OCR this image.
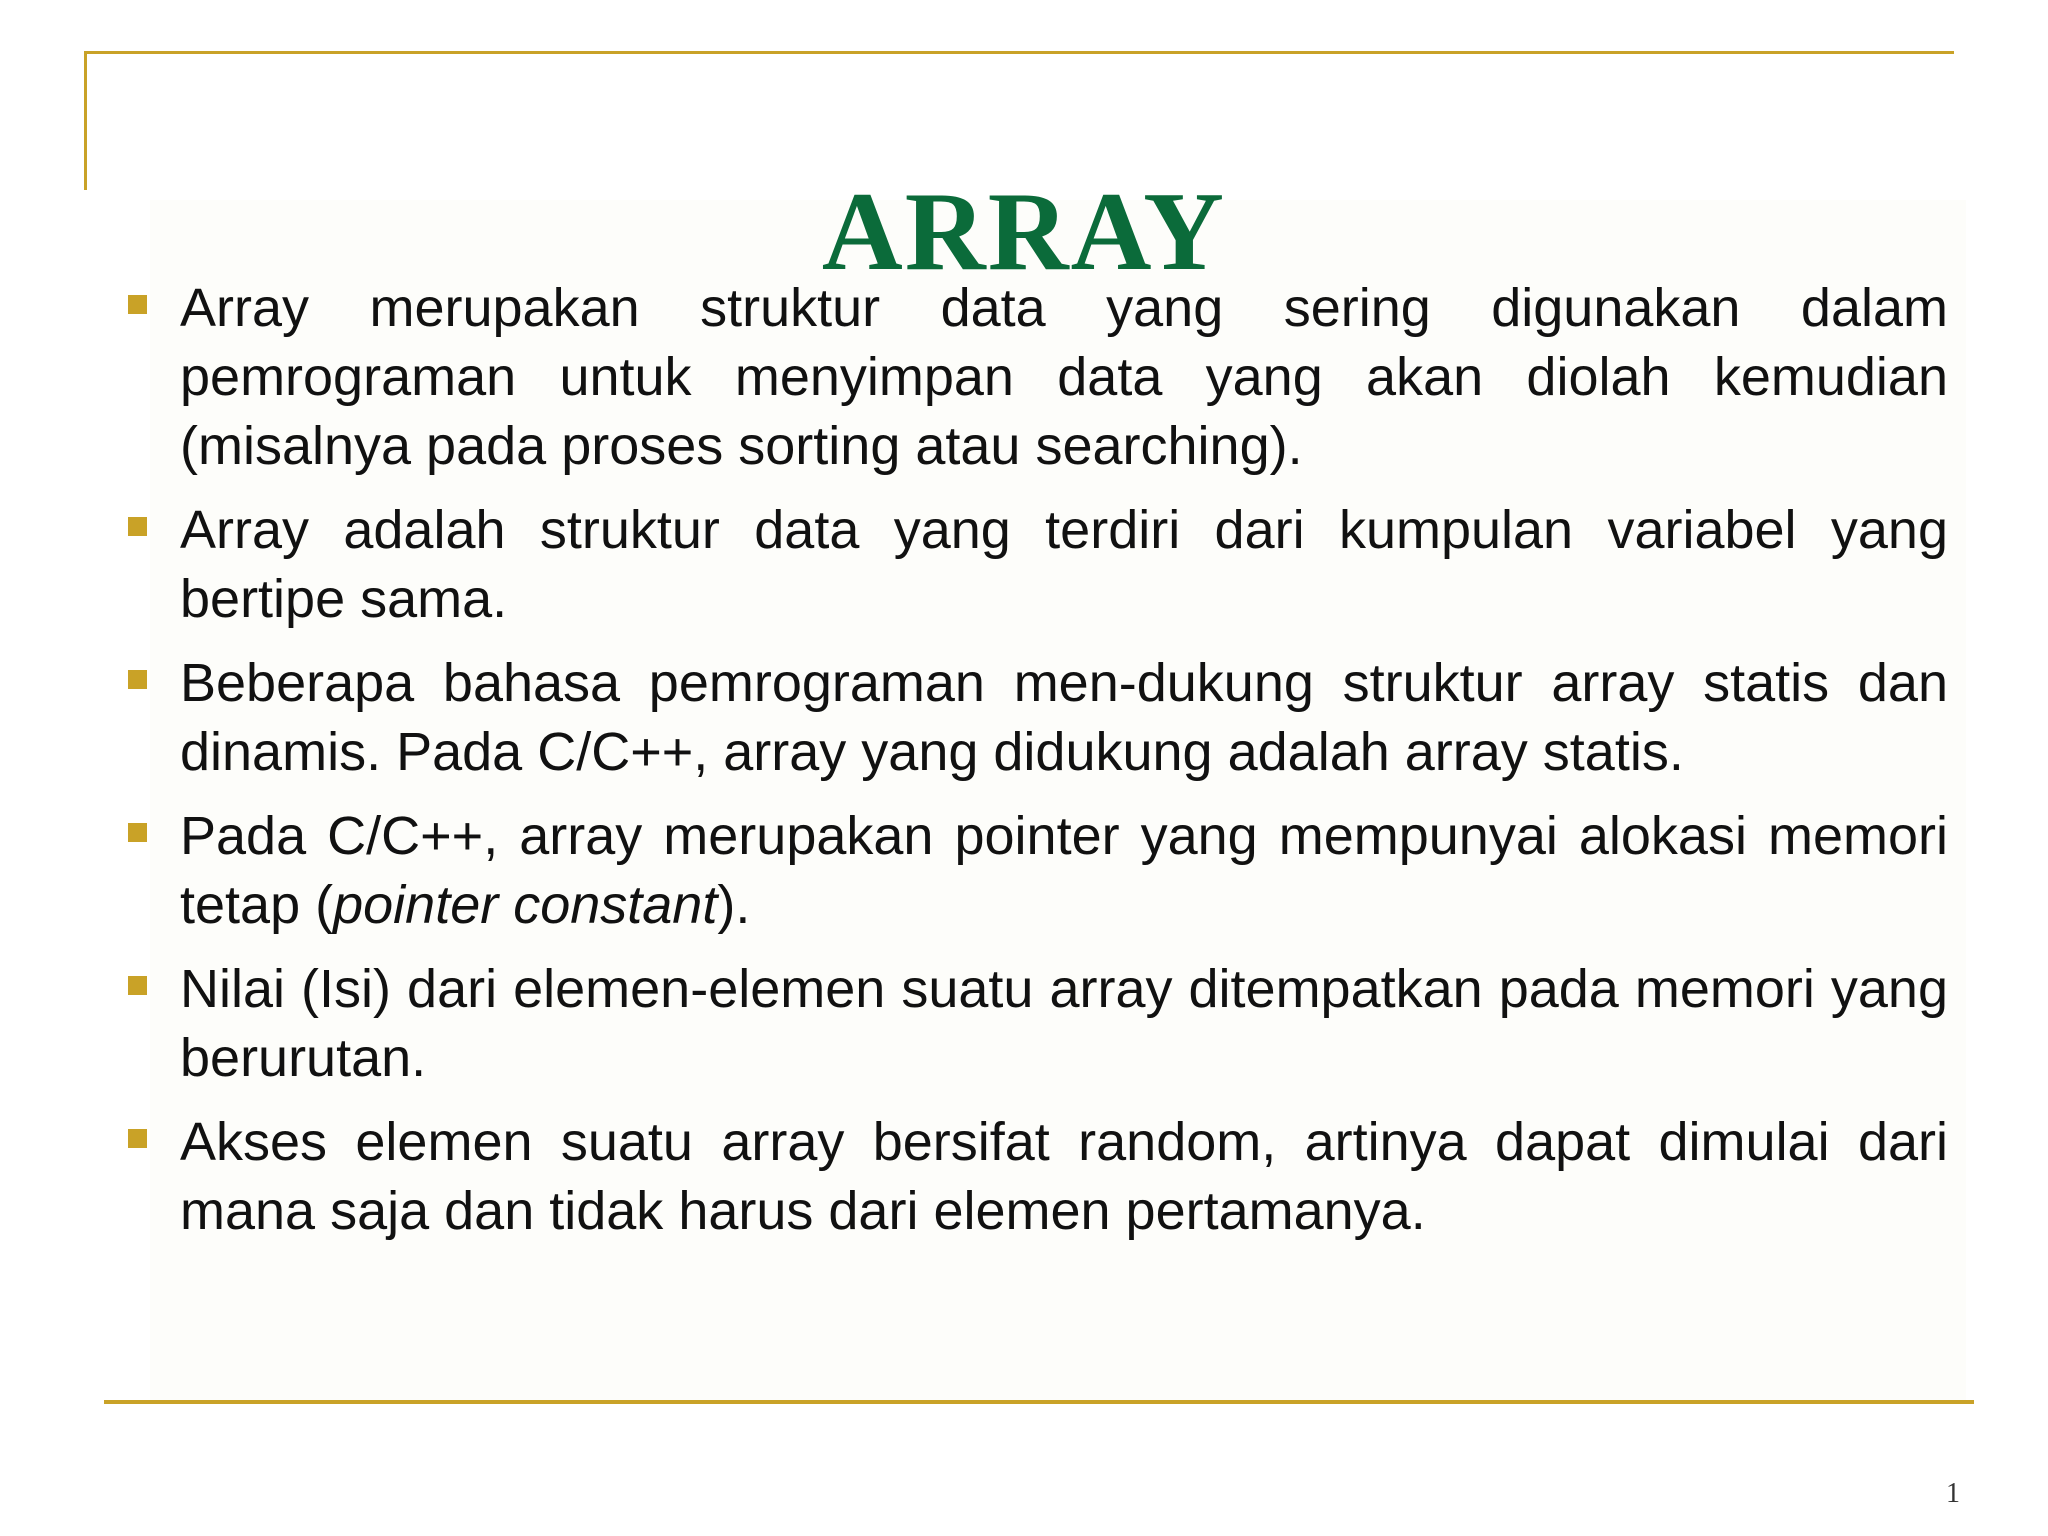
ARRAY
Array merupakan struktur data yang sering digunakan dalam pemrograman untuk menyimpan data yang akan diolah kemudian (misalnya pada proses sorting atau searching).
Array adalah struktur data yang terdiri dari kumpulan variabel yang bertipe sama.
Beberapa bahasa pemrograman men-dukung struktur array statis dan dinamis. Pada C/C++, array yang didukung adalah array statis.
Pada C/C++, array merupakan pointer yang mempunyai alokasi memori tetap (pointer constant).
Nilai (Isi) dari elemen-elemen suatu array ditempatkan pada memori yang berurutan.
Akses elemen suatu array bersifat random, artinya dapat dimulai dari mana saja dan tidak harus dari elemen pertamanya.
1
